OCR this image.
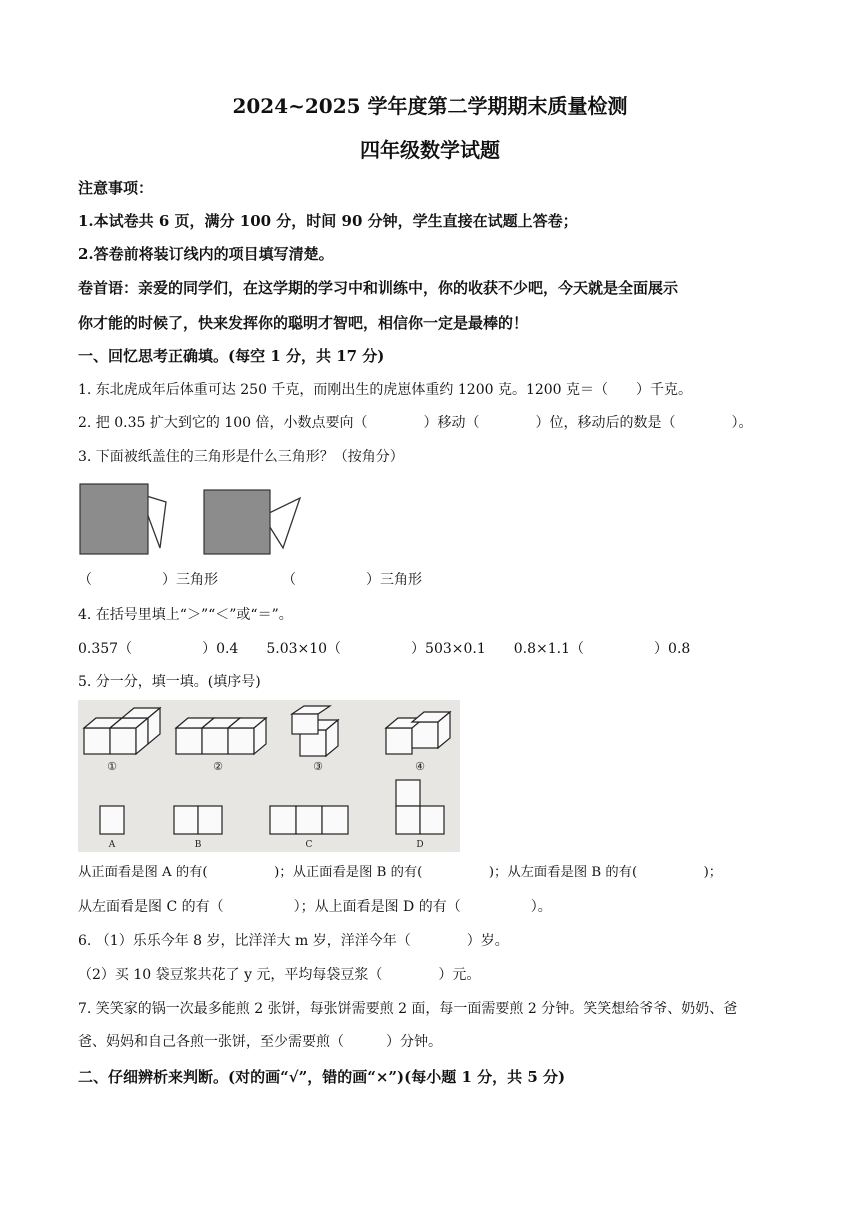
2024~2025 学年度第二学期期末质量检测
四年级数学试题
注意事项：
1.本试卷共 6 页，满分 100 分，时间 90 分钟，学生直接在试题上答卷；
2.答卷前将装订线内的项目填写清楚。
卷首语：亲爱的同学们，在这学期的学习中和训练中，你的收获不少吧，今天就是全面展示
你才能的时候了，快来发挥你的聪明才智吧，相信你一定是最棒的！
一、回忆思考正确填。(每空 1 分，共 17 分)
1. 东北虎成年后体重可达 250 千克，而刚出生的虎崽体重约 1200 克。1200 克＝（　　）千克。
2. 把 0.35 扩大到它的 100 倍，小数点要向（　　　　）移动（　　　　）位，移动后的数是（　　　　）。
3. 下面被纸盖住的三角形是什么三角形？（按角分）
（　　　　　）三角形	（　　　　　）三角形
4. 在括号里填上“＞”“＜”或“＝”。
0.357（　　　　　）0.4　　5.03×10（　　　　　）503×0.1　　0.8×1.1（　　　　　）0.8
5. 分一分，填一填。(填序号)
①	②	③	④
A	B	C	D
从正面看是图 A 的有(　　　　　)；从正面看是图 B 的有(　　　　　)；从左面看是图 B 的有(　　　　　)；
从左面看是图 C 的有（　　　　　）；从上面看是图 D 的有（　　　　　）。
6. （1）乐乐今年 8 岁，比洋洋大 m 岁，洋洋今年（　　　　）岁。
（2）买 10 袋豆浆共花了 y 元，平均每袋豆浆（　　　　）元。
7. 笑笑家的锅一次最多能煎 2 张饼，每张饼需要煎 2 面，每一面需要煎 2 分钟。笑笑想给爷爷、奶奶、爸
爸、妈妈和自己各煎一张饼，至少需要煎（　　　）分钟。
二、仔细辨析来判断。(对的画“√”，错的画“×”)(每小题 1 分，共 5 分)
